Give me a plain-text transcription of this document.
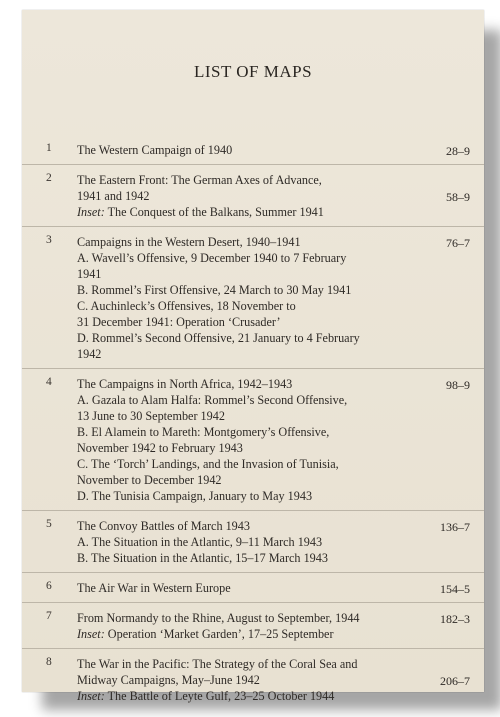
LIST OF MAPS
1 The Western Campaign of 1940	28–9
2 The Eastern Front: The German Axes of Advance,
1941 and 1942
Inset: The Conquest of the Balkans, Summer 1941
58–9
3 Campaigns in the Western Desert, 1940–1941
A. Wavell’s Offensive, 9 December 1940 to 7 February
1941
B. Rommel’s First Offensive, 24 March to 30 May 1941
C. Auchinleck’s Offensives, 18 November to
31 December 1941: Operation ‘Crusader’
D. Rommel’s Second Offensive, 21 January to 4 February
1942
76–7
4 The Campaigns in North Africa, 1942–1943
A. Gazala to Alam Halfa: Rommel’s Second Offensive,
13 June to 30 September 1942
B. El Alamein to Mareth: Montgomery’s Offensive,
November 1942 to February 1943
C. The ‘Torch’ Landings, and the Invasion of Tunisia,
November to December 1942
D. The Tunisia Campaign, January to May 1943
98–9
5 The Convoy Battles of March 1943
A. The Situation in the Atlantic, 9–11 March 1943
B. The Situation in the Atlantic, 15–17 March 1943
136–7
6 The Air War in Western Europe	154–5
7 From Normandy to the Rhine, August to September, 1944
Inset: Operation ‘Market Garden’, 17–25 September
182–3
8 The War in the Pacific: The Strategy of the Coral Sea and
Midway Campaigns, May–June 1942
Inset: The Battle of Leyte Gulf, 23–25 October 1944
206–7
